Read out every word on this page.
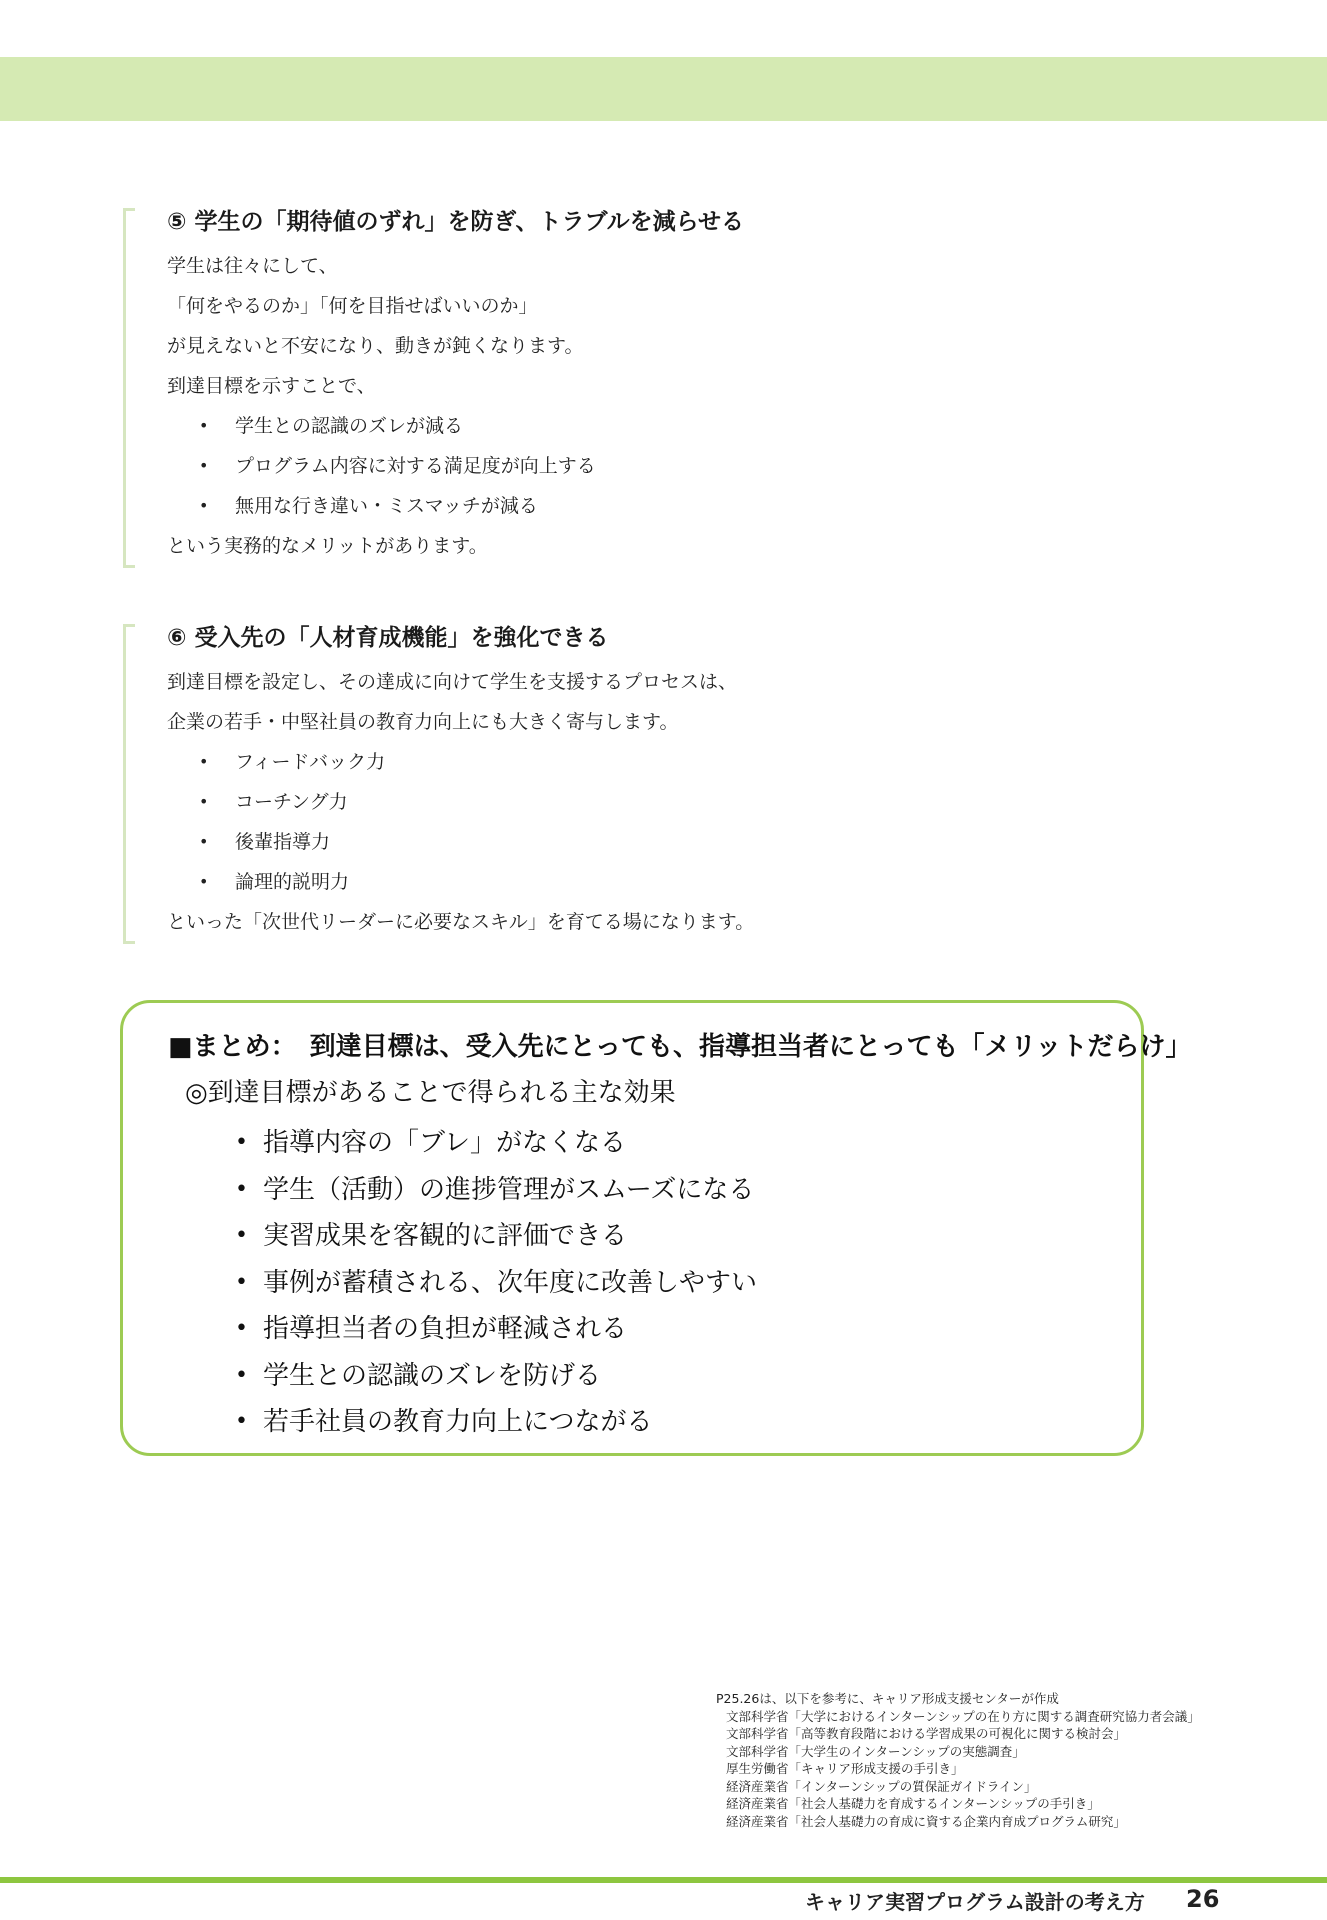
⑤ 学生の「期待値のずれ」を防ぎ、トラブルを減らせる
学生は往々にして、
「何をやるのか」「何を目指せばいいのか」
が見えないと不安になり、動きが鈍くなります。
到達目標を示すことで、
• 学生との認識のズレが減る
• プログラム内容に対する満足度が向上する
• 無用な行き違い・ミスマッチが減る
という実務的なメリットがあります。
⑥ 受入先の「人材育成機能」を強化できる
到達目標を設定し、その達成に向けて学生を支援するプロセスは、
企業の若手・中堅社員の教育力向上にも大きく寄与します。
• フィードバック力
• コーチング力
• 後輩指導力
• 論理的説明力
といった「次世代リーダーに必要なスキル」を育てる場になります。
■まとめ：　到達目標は、受入先にとっても、指導担当者にとっても「メリットだらけ」
◎到達目標があることで得られる主な効果
• 指導内容の「ブレ」がなくなる
• 学生（活動）の進捗管理がスムーズになる
• 実習成果を客観的に評価できる
• 事例が蓄積される、次年度に改善しやすい
• 指導担当者の負担が軽減される
• 学生との認識のズレを防げる
• 若手社員の教育力向上につながる
P25.26は、以下を参考に、キャリア形成支援センターが作成
文部科学省「大学におけるインターンシップの在り方に関する調査研究協力者会議」
文部科学省「高等教育段階における学習成果の可視化に関する検討会」
文部科学省「大学生のインターンシップの実態調査」
厚生労働省「キャリア形成支援の手引き」
経済産業省「インターンシップの質保証ガイドライン」
経済産業省「社会人基礎力を育成するインターンシップの手引き」
経済産業省「社会人基礎力の育成に資する企業内育成プログラム研究」
キャリア実習プログラム設計の考え方 26
